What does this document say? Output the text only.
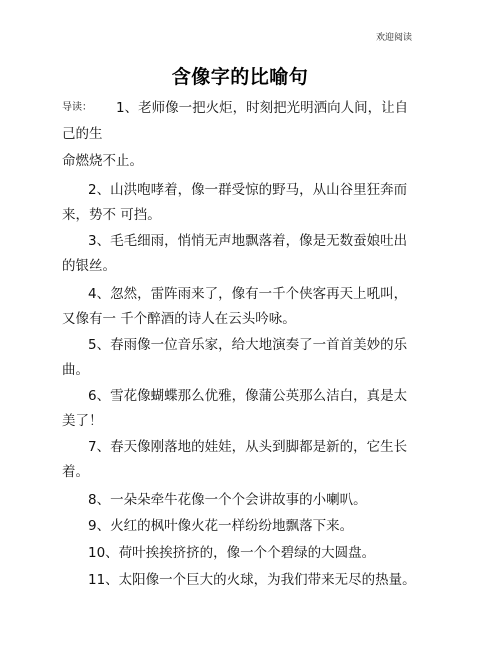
欢迎阅读
含像字的比喻句
导读： 1、老师像一把火炬，时刻把光明洒向人间，让自
己的生
命燃烧不止。
2、山洪咆哮着，像一群受惊的野马，从山谷里狂奔而
来，势不 可挡。
3、毛毛细雨，悄悄无声地飘落着，像是无数蚕娘吐出
的银丝。
4、忽然，雷阵雨来了，像有一千个侠客再天上吼叫，
又像有一 千个醉酒的诗人在云头吟咏。
5、春雨像一位音乐家，给大地演奏了一首首美妙的乐
曲。
6、雪花像蝴蝶那么优雅，像蒲公英那么洁白，真是太
美了！
7、春天像刚落地的娃娃，从头到脚都是新的，它生长
着。
8、一朵朵牵牛花像一个个会讲故事的小喇叭。
9、火红的枫叶像火花一样纷纷地飘落下来。
10、荷叶挨挨挤挤的，像一个个碧绿的大圆盘。
11、太阳像一个巨大的火球，为我们带来无尽的热量。
